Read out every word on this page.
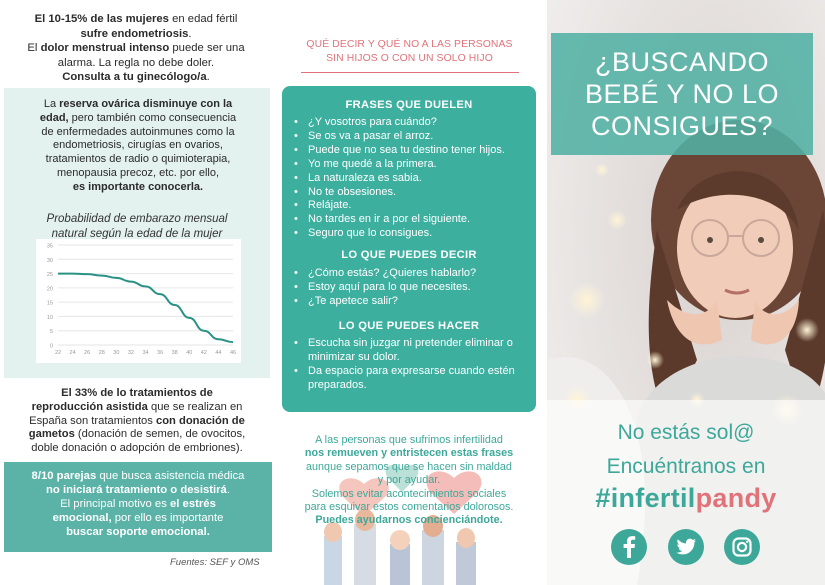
El 10-15% de las mujeres en edad fértil
sufre endometriosis.
El dolor menstrual intenso puede ser una
alarma. La regla no debe doler.
Consulta a tu ginecólogo/a.
La reserva ovárica disminuye con la
edad, pero también como consecuencia
de enfermedades autoinmunes como la
endometriosis, cirugías en ovarios,
tratamientos de radio o quimioterapia,
menopausia precoz, etc. por ello,
es importante conocerla.
Probabilidad de embarazo mensual
natural según la edad de la mujer
0
5
10
15
20
25
30
35
22 24 26 28 30 32 34 36 38 40 42 44 46
El 33% de lo tratamientos de
reproducción asistida que se realizan en
España son tratamientos con donación de
gametos (donación de semen, de ovocitos,
doble donación o adopción de embriones).
8/10 parejas que busca asistencia médica
no iniciará tratamiento o desistirá.
El principal motivo es el estrés
emocional, por ello es importante
buscar soporte emocional.
Fuentes: SEF y OMS
QUÉ DECIR Y QUÉ NO A LAS PERSONAS
SIN HIJOS O CON UN SOLO HIJO
FRASES QUE DUELEN
• ¿Y vosotros para cuándo?
• Se os va a pasar el arroz.
• Puede que no sea tu destino tener hijos.
• Yo me quedé a la primera.
• La naturaleza es sabia.
• No te obsesiones.
• Relájate.
• No tardes en ir a por el siguiente.
• Seguro que lo consigues.
LO QUE PUEDES DECIR
• ¿Cómo estás? ¿Quieres hablarlo?
• Estoy aquí para lo que necesites.
• ¿Te apetece salir?
LO QUE PUEDES HACER
• Escucha sin juzgar ni pretender eliminar o minimizar su dolor.
• Da espacio para expresarse cuando estén preparados.
A las personas que sufrimos infertilidad
nos remueven y entristecen estas frases
aunque sepamos que se hacen sin maldad
y por ayudar.
Solemos evitar acontecimientos sociales
para esquivar estos comentarios dolorosos.
Puedes ayudarnos concienciándote.
¿BUSCANDO
BEBÉ Y NO LO
CONSIGUES?
No estás sol@
Encuéntranos en
#infertilpandy
